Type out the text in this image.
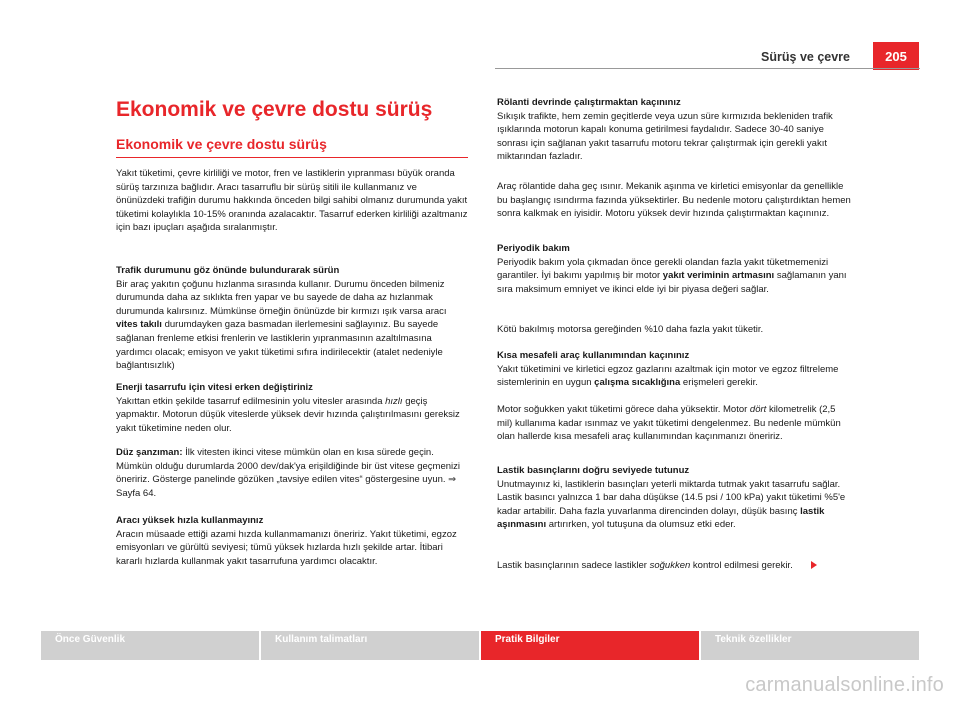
Sürüş ve çevre	205
Ekonomik ve çevre dostu sürüş
Ekonomik ve çevre dostu sürüş

Yakıt tüketimi, çevre kirliliği ve motor, fren ve lastiklerin yıpranması büyük oranda sürüş tarzınıza bağlıdır. Aracı tasarruflu bir sürüş sitili ile kullanmanız ve önünüzdeki trafiğin durumu hakkında önceden bilgi sahibi olmanız durumunda yakıt tüketimi kolaylıkla 10-15% oranında azalacaktır. Tasarruf ederken kirliliği azaltmanız için bazı ipuçları aşağıda sıralanmıştır.

Trafik durumunu göz önünde bulundurarak sürün

Bir araç yakıtın çoğunu hızlanma sırasında kullanır. Durumu önceden bilmeniz durumunda daha az sıklıkta fren yapar ve bu sayede de daha az hızlanmak durumunda kalırsınız. Mümkünse örneğin önünüzde bir kırmızı ışık varsa aracı vites takılı durumdayken gaza basmadan ilerlemesini sağlayınız. Bu sayede sağlanan frenleme etkisi frenlerin ve lastiklerin yıpranmasının azaltılmasına yardımcı olacak; emisyon ve yakıt tüketimi sıfıra indirilecektir (atalet nedeniyle bağlantısızlık)

Enerji tasarrufu için vitesi erken değiştiriniz

Yakıttan etkin şekilde tasarruf edilmesinin yolu vitesler arasında hızlı geçiş yapmaktır. Motorun düşük viteslerde yüksek devir hızında çalıştırılmasını gereksiz yakıt tüketimine neden olur.

Düz şanzıman: İlk vitesten ikinci vitese mümkün olan en kısa sürede geçin. Mümkün olduğu durumlarda 2000 dev/dak'ya erişildiğinde bir üst vitese geçmenizi öneririz. Gösterge panelinde gözüken „tavsiye edilen vites“ göstergesine uyun. ⇒ Sayfa 64.

Aracı yüksek hızla kullanmayınız

Aracın müsaade ettiği azami hızda kullanmamanızı öneririz. Yakıt tüketimi, egzoz emisyonları ve gürültü seviyesi; tümü yüksek hızlarda hızlı şekilde artar. İtibari kararlı hızlarda kullanmak yakıt tasarrufuna yardımcı olacaktır.

Rölanti devrinde çalıştırmaktan kaçınınız

Sıkışık trafikte, hem zemin geçitlerde veya uzun süre kırmızıda bekleniden trafik ışıklarında motorun kapalı konuma getirilmesi faydalıdır. Sadece 30-40 saniye sonrası için sağlanan yakıt tasarrufu motoru tekrar çalıştırmak için gerekli yakıt miktarından fazladır.

Araç rölantide daha geç ısınır. Mekanik aşınma ve kirletici emisyonlar da genellikle bu başlangıç ısındırma fazında yüksektirler. Bu nedenle motoru çalıştırdıktan hemen sonra kalkmak en iyisidir. Motoru yüksek devir hızında çalıştırmaktan kaçınınız.

Periyodik bakım

Periyodik bakım yola çıkmadan önce gerekli olandan fazla yakıt tüketmemenizi garantiler. İyi bakımı yapılmış bir motor yakıt veriminin artmasını sağlamanın yanı sıra maksimum emniyet ve ikinci elde iyi bir piyasa değeri sağlar.

Kötü bakılmış motorsa gereğinden %10 daha fazla yakıt tüketir.

Kısa mesafeli araç kullanımından kaçınınız

Yakıt tüketimini ve kirletici egzoz gazlarını azaltmak için motor ve egzoz filtreleme sistemlerinin en uygun çalışma sıcaklığına erişmeleri gerekir.

Motor soğukken yakıt tüketimi görece daha yüksektir. Motor dört kilometrelik (2,5 mil) kullanıma kadar ısınmaz ve yakıt tüketimi dengelenmez. Bu nedenle mümkün olan hallerde kısa mesafeli araç kullanımından kaçınmanızı öneririz.

Lastik basınçlarını doğru seviyede tutunuz

Unutmayınız ki, lastiklerin basınçları yeterli miktarda tutmak yakıt tasarrufu sağlar. Lastik basıncı yalnızca 1 bar daha düşükse (14.5 psi / 100 kPa) yakıt tüketimi %5'e kadar artabilir. Daha fazla yuvarlanma direncinden dolayı, düşük basınç lastik aşınmasını artırırken, yol tutuşuna da olumsuz etki eder.

Lastik basınçlarının sadece lastikler soğukken kontrol edilmesi gerekir.

Önce Güvenlik	Kullanım talimatları	Pratik Bilgiler	Teknik özellikler
carmanualsonline.info
